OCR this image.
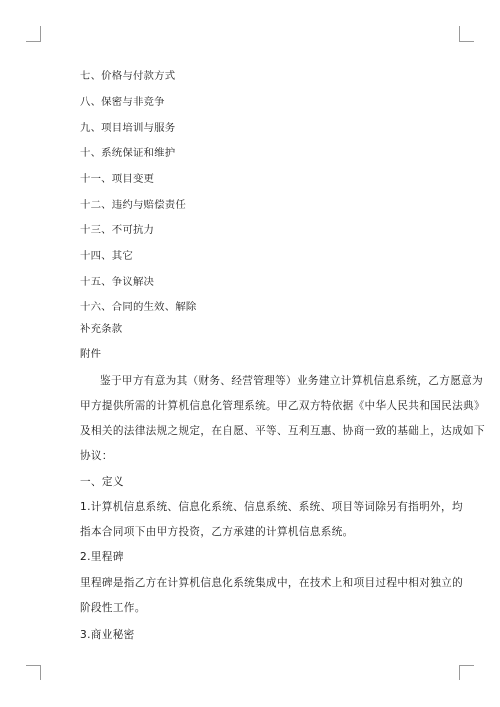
七、价格与付款方式
八、保密与非竞争
九、项目培训与服务
十、系统保证和维护
十一、项目变更
十二、违约与赔偿责任
十三、不可抗力
十四、其它
十五、争议解决
十六、合同的生效、解除
补充条款
附件
鉴于甲方有意为其（财务、经营管理等）业务建立计算机信息系统，乙方愿意为
甲方提供所需的计算机信息化管理系统。甲乙双方特依据《中华人民共和国民法典》
及相关的法律法规之规定，在自愿、平等、互利互惠、协商一致的基础上，达成如下
协议：
一、定义
1.计算机信息系统、信息化系统、信息系统、系统、项目等词除另有指明外，均
指本合同项下由甲方投资，乙方承建的计算机信息系统。
2.里程碑
里程碑是指乙方在计算机信息化系统集成中，在技术上和项目过程中相对独立的
阶段性工作。
3.商业秘密
